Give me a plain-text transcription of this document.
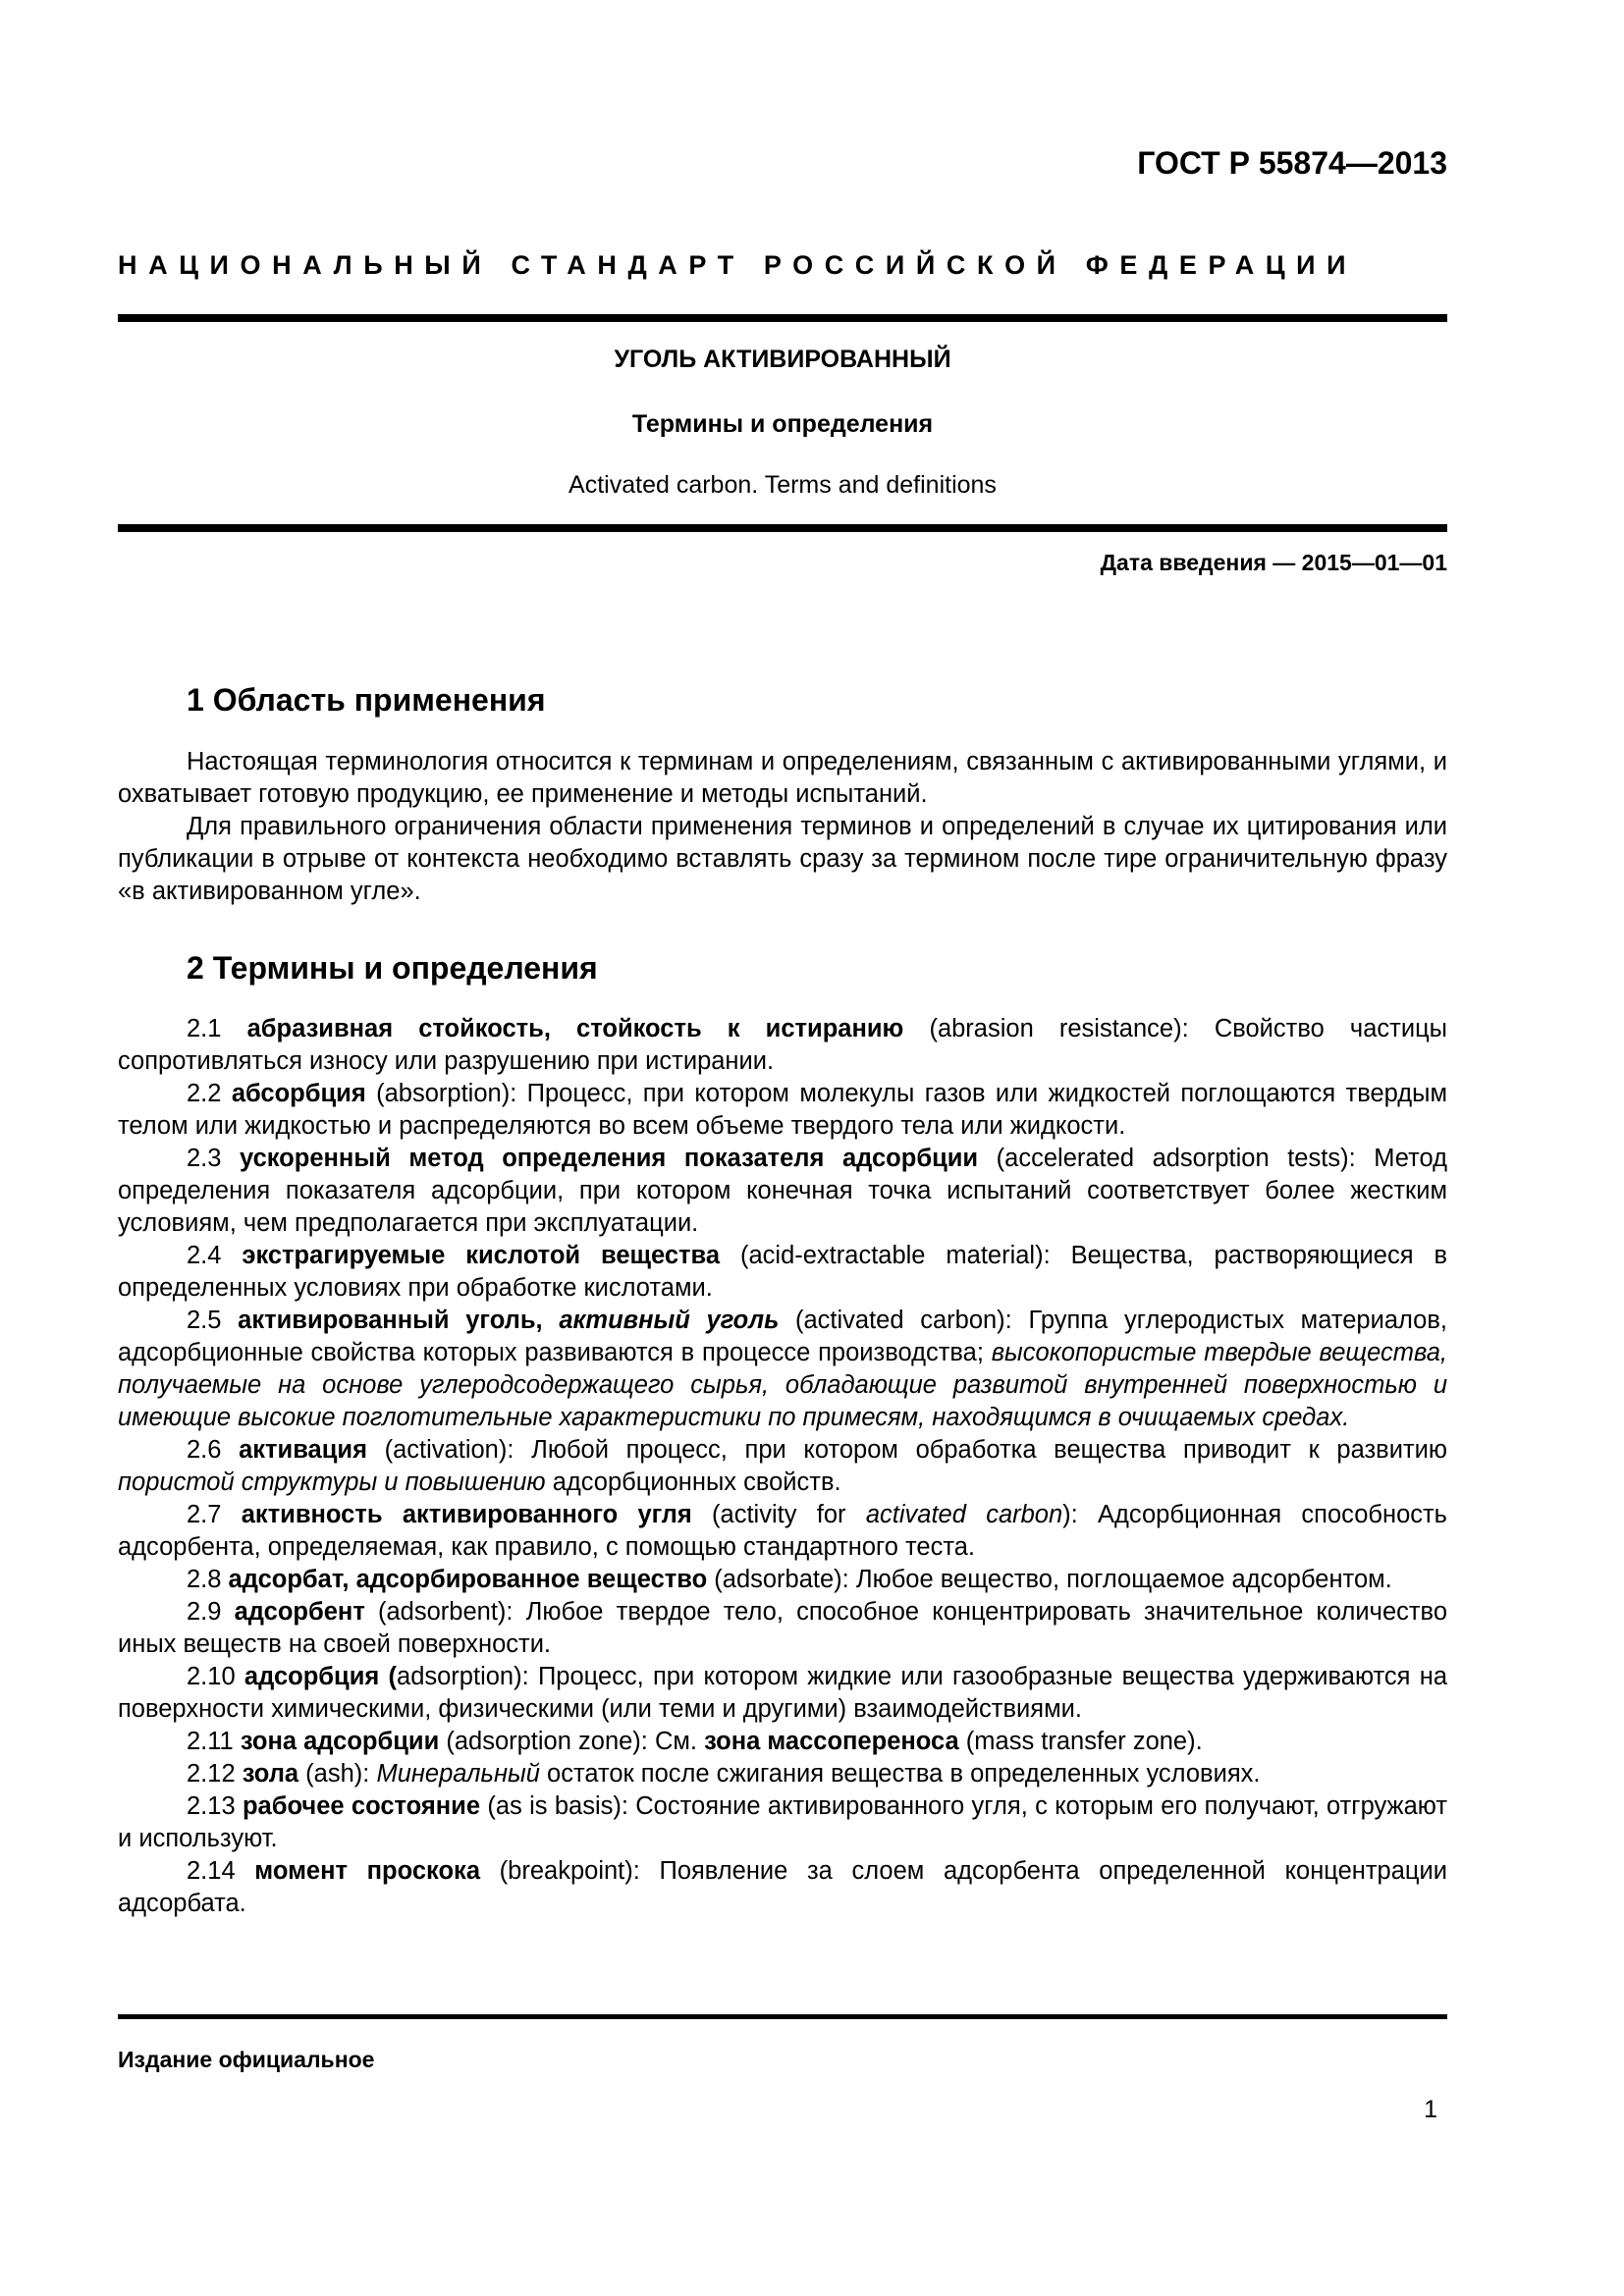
ГОСТ Р 55874—2013
НАЦИОНАЛЬНЫЙ СТАНДАРТ РОССИЙСКОЙ ФЕДЕРАЦИИ
УГОЛЬ АКТИВИРОВАННЫЙ
Термины и определения
Activated carbon. Terms and definitions
Дата введения — 2015—01—01
1 Область применения

Настоящая терминология относится к терминам и определениям, связанным с активированными углями, и охватывает готовую продукцию, ее применение и методы испытаний.

Для правильного ограничения области применения терминов и определений в случае их цитирования или публикации в отрыве от контекста необходимо вставлять сразу за термином после тире ограничительную фразу «в активированном угле».

2 Термины и определения

2.1 абразивная стойкость, стойкость к истиранию (abrasion resistance): Свойство частицы сопротивляться износу или разрушению при истирании.

2.2 абсорбция (absorption): Процесс, при котором молекулы газов или жидкостей поглощаются твердым телом или жидкостью и распределяются во всем объеме твердого тела или жидкости.

2.3 ускоренный метод определения показателя адсорбции (accelerated adsorption tests): Метод определения показателя адсорбции, при котором конечная точка испытаний соответствует более жестким условиям, чем предполагается при эксплуатации.

2.4 экстрагируемые кислотой вещества (acid-extractable material): Вещества, растворяющиеся в определенных условиях при обработке кислотами.

2.5 активированный уголь, активный уголь (activated carbon): Группа углеродистых материалов, адсорбционные свойства которых развиваются в процессе производства; высокопористые твердые вещества, получаемые на основе углеродсодержащего сырья, обладающие развитой внутренней поверхностью и имеющие высокие поглотительные характеристики по примесям, находящимся в очищаемых средах.

2.6 активация (activation): Любой процесс, при котором обработка вещества приводит к развитию пористой структуры и повышению адсорбционных свойств.

2.7 активность активированного угля (activity for activated carbon): Адсорбционная способность адсорбента, определяемая, как правило, с помощью стандартного теста.

2.8 адсорбат, адсорбированное вещество (adsorbate): Любое вещество, поглощаемое адсорбентом.

2.9 адсорбент (adsorbent): Любое твердое тело, способное концентрировать значительное количество иных веществ на своей поверхности.

2.10 адсорбция (adsorption): Процесс, при котором жидкие или газообразные вещества удерживаются на поверхности химическими, физическими (или теми и другими) взаимодействиями.

2.11 зона адсорбции (adsorption zone): См. зона массопереноса (mass transfer zone).

2.12 зола (ash): Минеральный остаток после сжигания вещества в определенных условиях.

2.13 рабочее состояние (as is basis): Состояние активированного угля, с которым его получают, отгружают и используют.

2.14 момент проскока (breakpoint): Появление за слоем адсорбента определенной концентрации адсорбата.

Издание официальное
1
